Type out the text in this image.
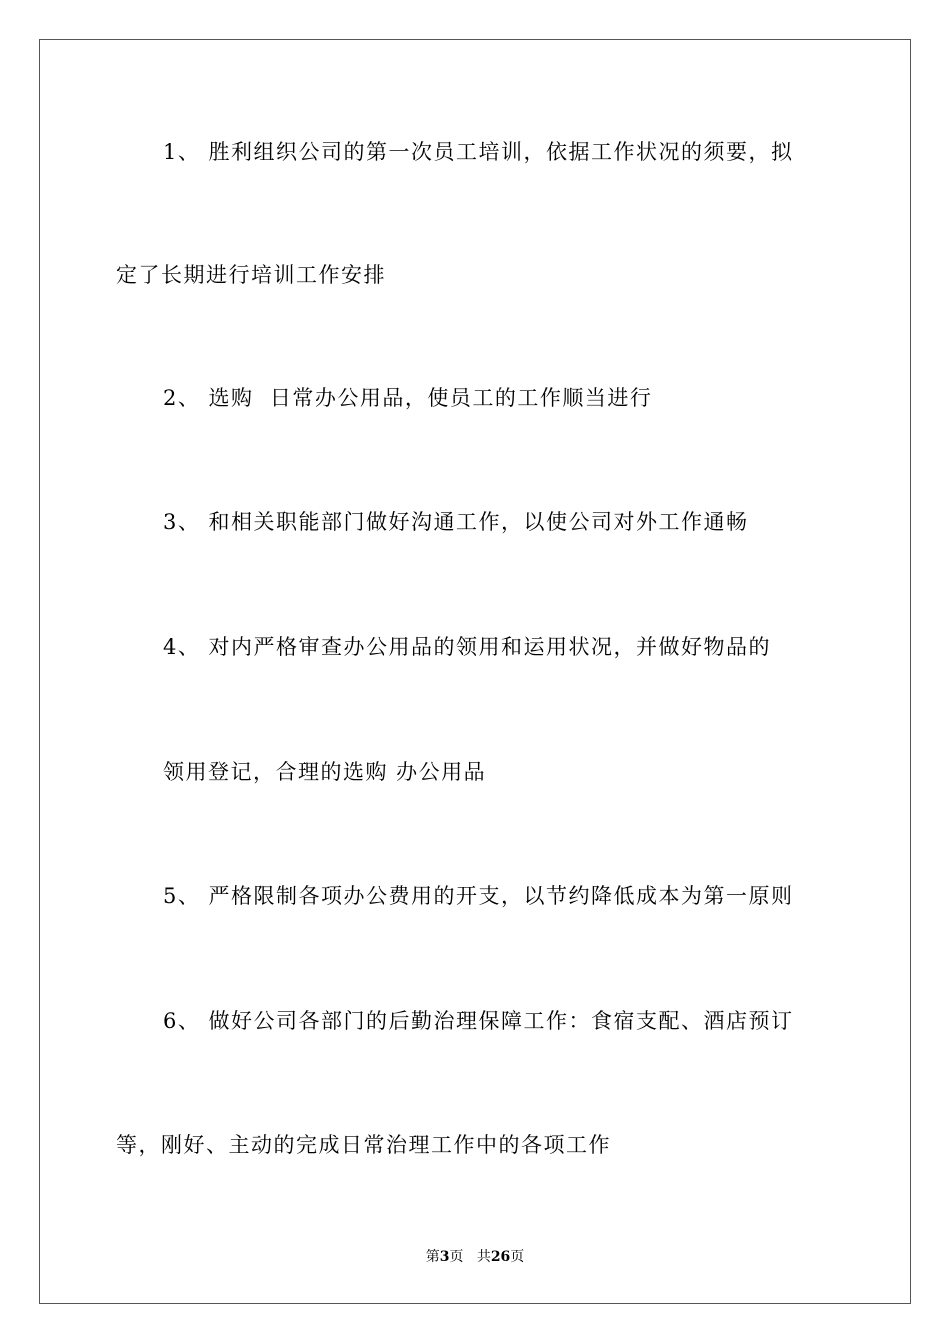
1、 胜利组织公司的第一次员工培训，依据工作状况的须要，拟
定了长期进行培训工作安排
2、 选购  日常办公用品，使员工的工作顺当进行
3、 和相关职能部门做好沟通工作，以使公司对外工作通畅
4、 对内严格审查办公用品的领用和运用状况，并做好物品的
领用登记，合理的选购 办公用品
5、 严格限制各项办公费用的开支，以节约降低成本为第一原则
6、 做好公司各部门的后勤治理保障工作：食宿支配、酒店预订
等，刚好、主动的完成日常治理工作中的各项工作
第3页 共26页
